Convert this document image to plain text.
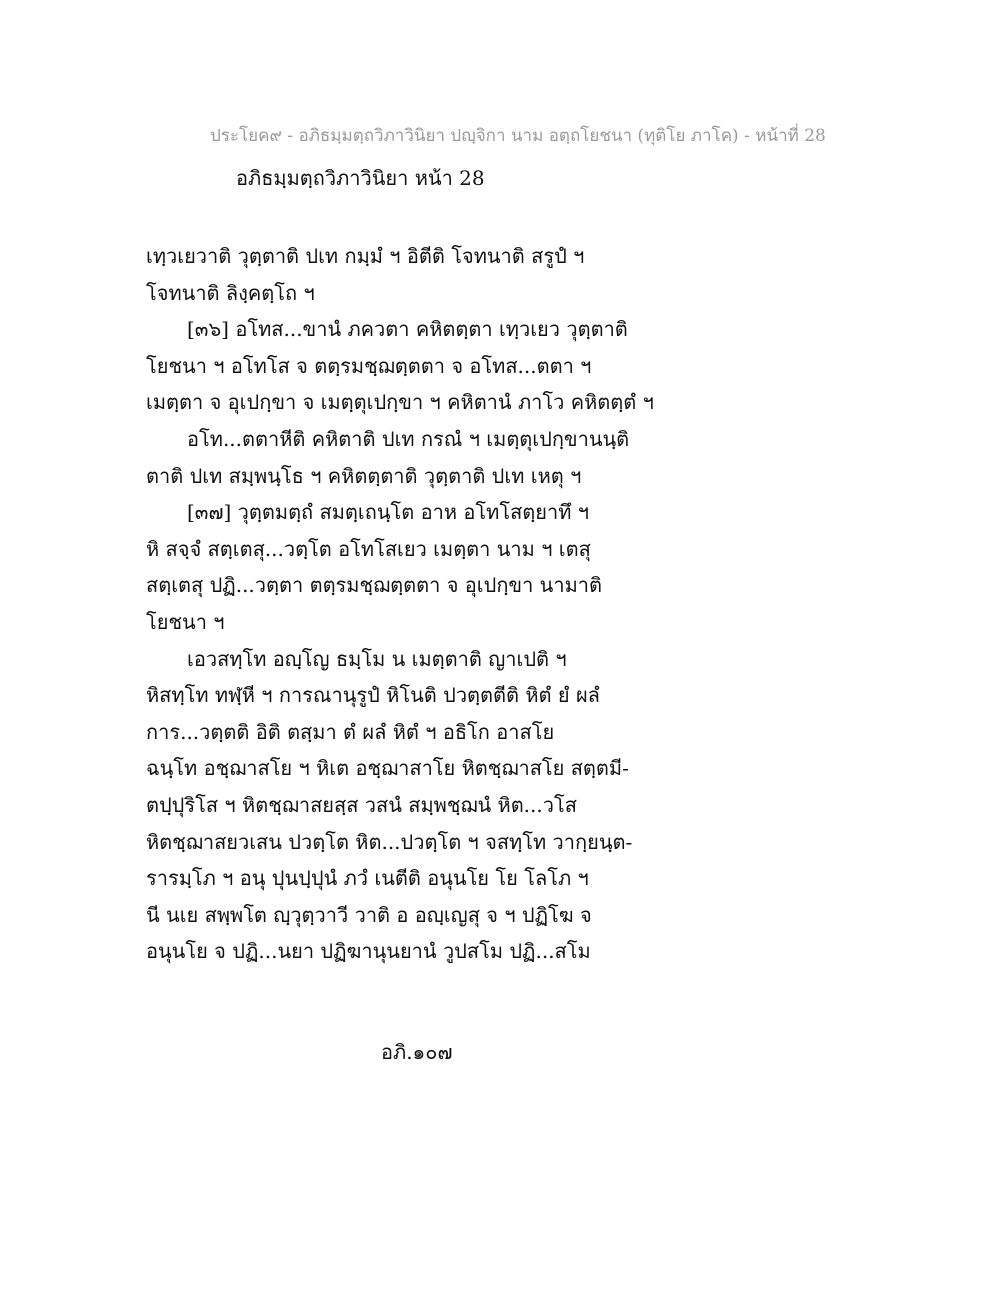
ประโยค๙ - อภิธมฺมตฺถวิภาวินิยา ปญฺจิกา นาม อตฺถโยชนา (ทุติโย ภาโค) - หน้าที่ 28
อภิธมฺมตฺถวิภาวินิยา หน้า 28
เทฺวเยวาติ วุตฺตาติ ปเท กมฺมํ ฯ อิตีติ โจทนาติ สรูปํ ฯ
โจทนาติ ลิงฺคตฺโถ ฯ
[๓๖] อโทส...ขานํ ภควตา คหิตตฺตา เทฺวเยว วุตฺตาติ
โยชนา ฯ อโทโส จ ตตฺรมชฺฌตฺตตา จ อโทส...ตตา ฯ
เมตฺตา จ อุเปกฺขา จ เมตฺตุเปกฺขา ฯ คหิตานํ ภาโว คหิตตฺตํ ฯ
อโท...ตตาหีติ คหิตาติ ปเท กรณํ ฯ เมตฺตุเปกฺขานนฺติ
ตาติ ปเท สมฺพนฺโธ ฯ คหิตตฺตาติ วุตฺตาติ ปเท เหตุ ฯ
[๓๗] วุตฺตมตฺถํ สมตฺเถนฺโต อาห อโทโสตฺยาทึ ฯ
หิ สจฺจํ สตฺเตสุ...วตฺโต อโทโสเยว เมตฺตา นาม ฯ เตสุ
สตฺเตสุ ปฏิ...วตฺตา ตตฺรมชฺฌตฺตตา จ อุเปกฺขา นามาติ
โยชนา ฯ
เอวสทฺโท อญฺโญ ธมฺโม น เมตฺตาติ ญาเปติ ฯ
หิสทฺโท ทฬฺหี ฯ การณานุรูปํ หิโนติ ปวตฺตตีติ หิตํ ยํ ผลํ
การ...วตฺตติ อิติ ตสฺมา ตํ ผลํ หิตํ ฯ อธิโก อาสโย
ฉนฺโท อชฺฌาสโย ฯ หิเต อชฺฌาสาโย หิตชฺฌาสโย สตฺตมี-
ตปฺปุริโส ฯ หิตชฺฌาสยสฺส วสนํ สมฺพชฺฌนํ หิต...วโส
หิตชฺฌาสยวเสน ปวตฺโต หิต...ปวตฺโต ฯ จสทฺโท วากฺยนฺต-
รารมฺโภ ฯ อนุ ปุนปฺปุนํ ภวํ เนตีติ อนุนโย โย โลโภ ฯ
นี นเย สพฺพโต ญฺวุตฺวาวี วาติ อ อญฺเญสุ จ ฯ ปฏิโฆ จ
อนุนโย จ ปฏิ...นยา ปฏิฆานุนยานํ วูปสโม ปฏิ...สโม
อภิ.๑๐๗
